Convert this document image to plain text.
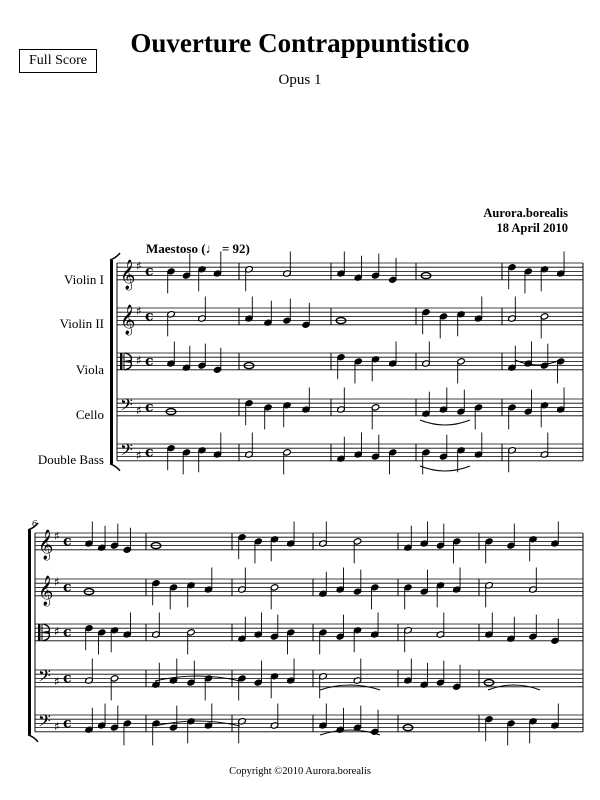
Full Score
Ouverture Contrappuntistico
Opus 1
Aurora.borealis
18 April 2010
Maestoso (♩ = 92)
Violin I
Violin II
Viola
Cello
Double Bass
𝄞 ♯ c
𝄞 ♯ c
♯ c
𝄢 ♯ c
𝄢 ♯ c
𝄞 ♯ c
𝄞 ♯ c
♯ c
𝄢 ♯ c
𝄢 ♯ c
6
Copyright ©2010 Aurora.borealis
